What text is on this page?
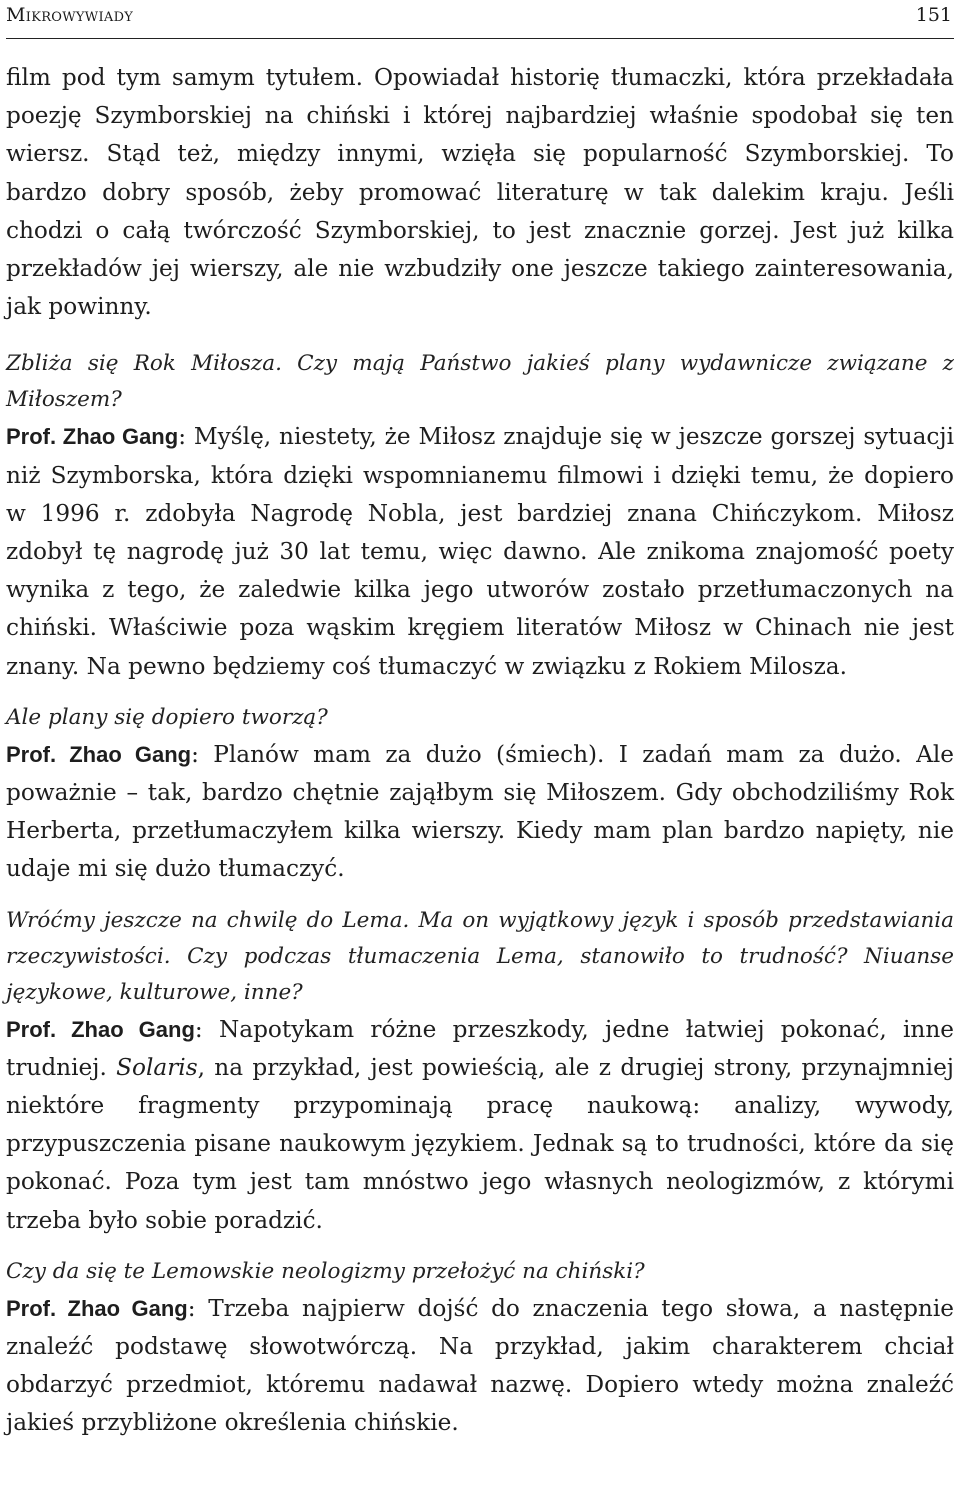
Mikrowywiady	151

film pod tym samym tytułem. Opowiadał historię tłumaczki, która przekładała poezję Szymborskiej na chiński i której najbardziej właśnie spodobał się ten wiersz. Stąd też, między innymi, wzięła się popularność Szymborskiej. To bardzo dobry sposób, żeby promować literaturę w tak dalekim kraju. Jeśli chodzi o całą twórczość Szymborskiej, to jest znacznie gorzej. Jest już kilka przekładów jej wierszy, ale nie wzbudziły one jeszcze takiego zainteresowania, jak powinny.

Zbliża się Rok Miłosza. Czy mają Państwo jakieś plany wydawnicze związane z Miłoszem?

Prof. Zhao Gang: Myślę, niestety, że Miłosz znajduje się w jeszcze gorszej sytuacji niż Szymborska, która dzięki wspomnianemu filmowi i dzięki temu, że dopiero w 1996 r. zdobyła Nagrodę Nobla, jest bardziej znana Chińczykom. Miłosz zdobył tę nagrodę już 30 lat temu, więc dawno. Ale znikoma znajomość poety wynika z tego, że zaledwie kilka jego utworów zostało przetłumaczonych na chiński. Właściwie poza wąskim kręgiem literatów Miłosz w Chinach nie jest znany. Na pewno będziemy coś tłumaczyć w związku z Rokiem Milosza.

Ale plany się dopiero tworzą?

Prof. Zhao Gang: Planów mam za dużo (śmiech). I zadań mam za dużo. Ale poważnie – tak, bardzo chętnie zająłbym się Miłoszem. Gdy obchodziliśmy Rok Herberta, przetłumaczyłem kilka wierszy. Kiedy mam plan bardzo napięty, nie udaje mi się dużo tłumaczyć.

Wróćmy jeszcze na chwilę do Lema. Ma on wyjątkowy język i sposób przedstawiania rzeczywistości. Czy podczas tłumaczenia Lema, stanowiło to trudność? Niuanse językowe, kulturowe, inne?

Prof. Zhao Gang: Napotykam różne przeszkody, jedne łatwiej pokonać, inne trudniej. Solaris, na przykład, jest powieścią, ale z drugiej strony, przynajmniej niektóre fragmenty przypominają pracę naukową: analizy, wywody, przypuszczenia pisane naukowym językiem. Jednak są to trudności, które da się pokonać. Poza tym jest tam mnóstwo jego własnych neologizmów, z którymi trzeba było sobie poradzić.

Czy da się te Lemowskie neologizmy przełożyć na chiński?

Prof. Zhao Gang: Trzeba najpierw dojść do znaczenia tego słowa, a następnie znaleźć podstawę słowotwórczą. Na przykład, jakim charakterem chciał obdarzyć przedmiot, któremu nadawał nazwę. Dopiero wtedy można znaleźć jakieś przybliżone określenia chińskie.
